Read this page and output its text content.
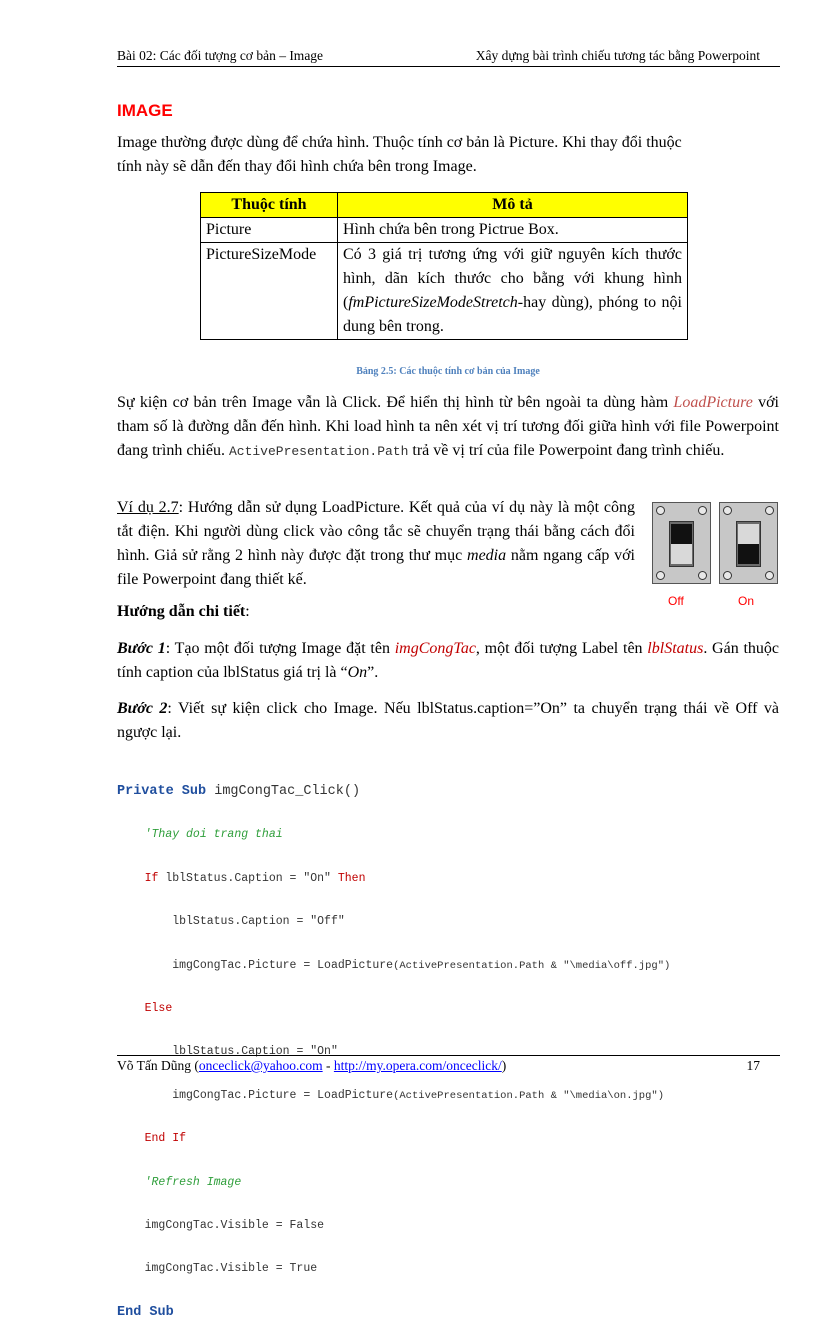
Bài 02: Các đối tượng cơ bản – Image	Xây dựng bài trình chiếu tương tác bằng Powerpoint
IMAGE
Image thường được dùng để chứa hình. Thuộc tính cơ bản là Picture. Khi thay đổi thuộc
tính này sẽ dẫn đến thay đổi hình chứa bên trong Image.
Thuộc tính	Mô tả
Picture	Hình chứa bên trong Pictrue Box.
PictureSizeMode	Có 3 giá trị tương ứng với giữ nguyên kích thước hình, dãn kích thước cho bằng với khung hình (fmPictureSizeModeStretch-hay dùng), phóng to nội dung bên trong.
Bảng 2.5: Các thuộc tính cơ bản của Image
Sự kiện cơ bản trên Image vẫn là Click. Để hiển thị hình từ bên ngoài ta dùng hàm LoadPicture với tham số là đường dẫn đến hình. Khi load hình ta nên xét vị trí tương đối giữa hình với file Powerpoint đang trình chiếu. ActivePresentation.Path trả về vị trí của file Powerpoint đang trình chiếu.
Ví dụ 2.7: Hướng dẫn sử dụng LoadPicture. Kết quả của ví dụ này là một công tắt điện. Khi người dùng click vào công tắc sẽ chuyển trạng thái bằng cách đổi hình. Giả sử rằng 2 hình này được đặt trong thư mục media nằm ngang cấp với file Powerpoint đang thiết kế.
Off	On
Hướng dẫn chi tiết:
Bước 1: Tạo một đối tượng Image đặt tên imgCongTac, một đối tượng Label tên lblStatus. Gán thuộc tính caption của lblStatus giá trị là “On”.
Bước 2: Viết sự kiện click cho Image. Nếu lblStatus.caption=”On” ta chuyển trạng thái về Off và ngược lại.

Private Sub imgCongTac_Click()

'Thay doi trang thai

If lblStatus.Caption = "On" Then

lblStatus.Caption = "Off"

imgCongTac.Picture = LoadPicture(ActivePresentation.Path & "\media\off.jpg")

Else

lblStatus.Caption = "On"

imgCongTac.Picture = LoadPicture(ActivePresentation.Path & "\media\on.jpg")

End If

'Refresh Image

imgCongTac.Visible = False

imgCongTac.Visible = True

End Sub

Võ Tấn Dũng (onceclick@yahoo.com - http://my.opera.com/onceclick/)	17
